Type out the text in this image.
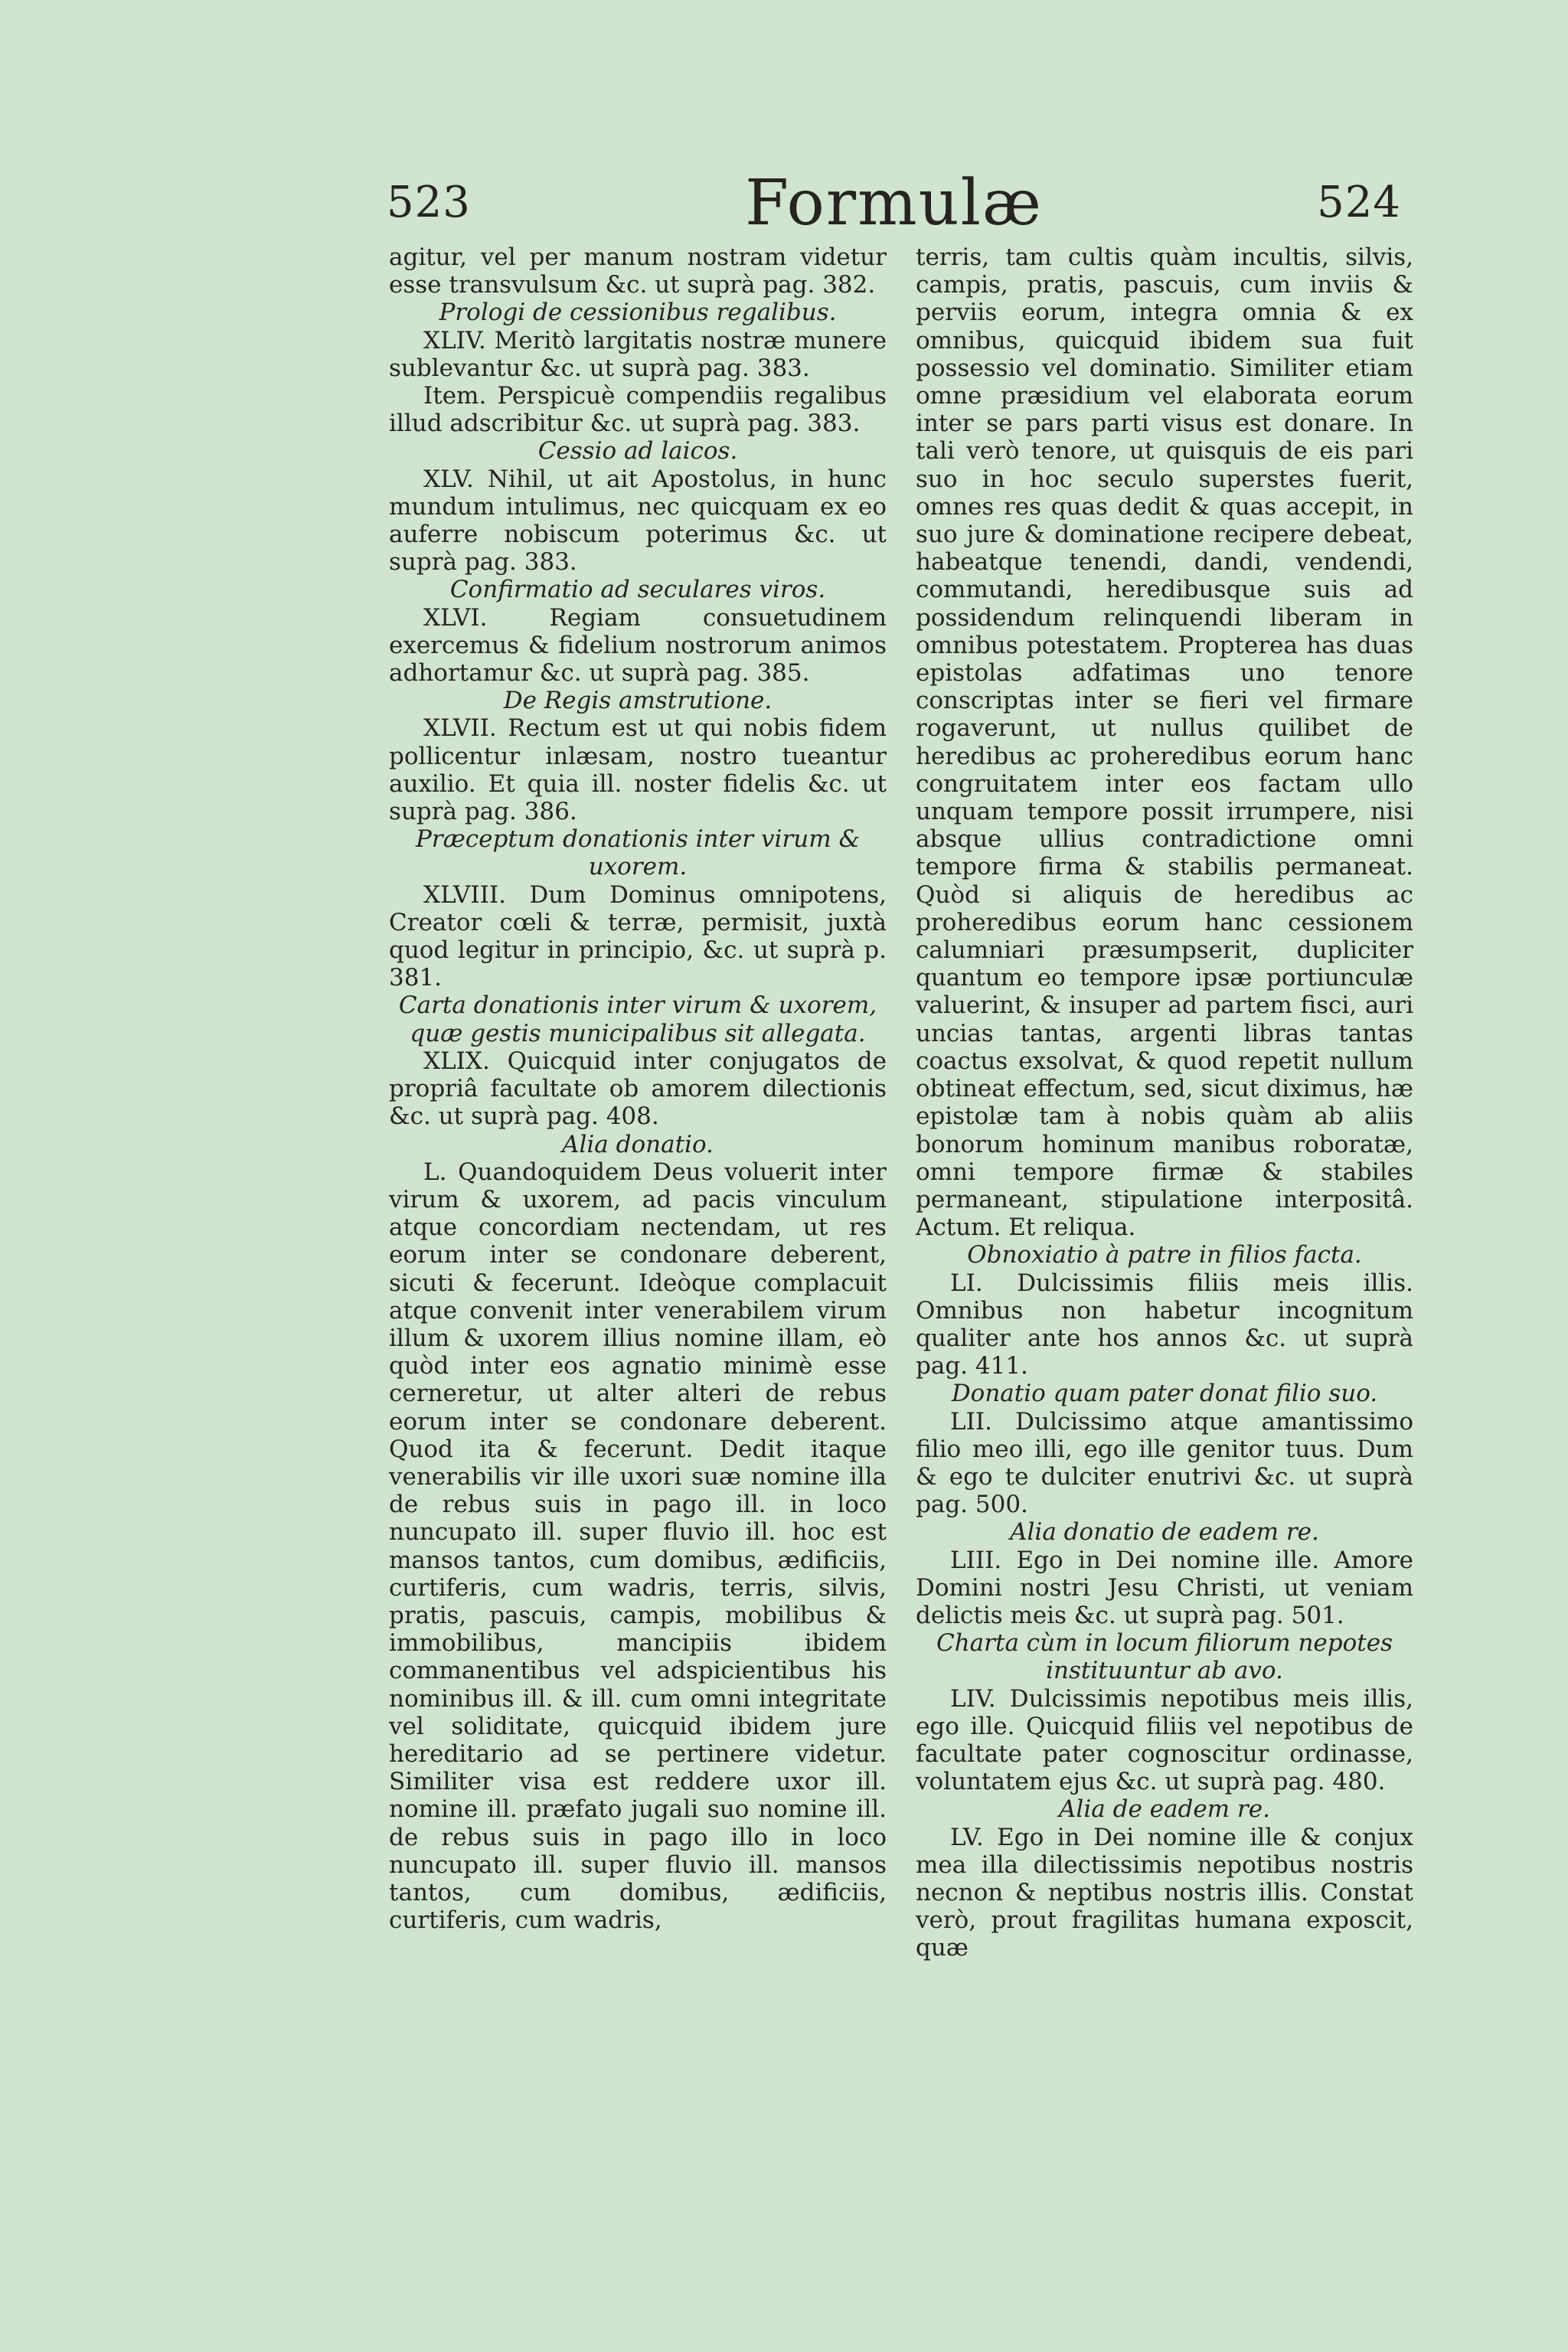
523	Formulæ	524

agitur, vel per manum nostram videtur esse transvulsum &c. ut suprà pag. 382.

Prologi de cessionibus regalibus.

XLIV. Meritò largitatis nostræ munere sublevantur &c. ut suprà pag. 383.

Item. Perspicuè compendiis regalibus illud adscribitur &c. ut suprà pag. 383.

Cessio ad laicos.

XLV. Nihil, ut ait Apostolus, in hunc mundum intulimus, nec quicquam ex eo auferre nobiscum poterimus &c. ut suprà pag. 383.

Confirmatio ad seculares viros.

XLVI. Regiam consuetudinem exercemus & fidelium nostrorum animos adhortamur &c. ut suprà pag. 385.

De Regis amstrutione.

XLVII. Rectum est ut qui nobis fidem pollicentur inlæsam, nostro tueantur auxilio. Et quia ill. noster fidelis &c. ut suprà pag. 386.

Præceptum donationis inter virum & uxorem.

XLVIII. Dum Dominus omnipotens, Creator cœli & terræ, permisit, juxtà quod legitur in principio, &c. ut suprà p. 381.

Carta donationis inter virum & uxorem, quæ gestis municipalibus sit allegata.

XLIX. Quicquid inter conjugatos de propriâ facultate ob amorem dilectionis &c. ut suprà pag. 408.

Alia donatio.

L. Quandoquidem Deus voluerit inter virum & uxorem, ad pacis vinculum atque concordiam nectendam, ut res eorum inter se condonare deberent, sicuti & fecerunt. Ideòque complacuit atque convenit inter venerabilem virum illum & uxorem illius nomine illam, eò quòd inter eos agnatio minimè esse cerneretur, ut alter alteri de rebus eorum inter se condonare deberent. Quod ita & fecerunt. Dedit itaque venerabilis vir ille uxori suæ nomine illa de rebus suis in pago ill. in loco nuncupato ill. super fluvio ill. hoc est mansos tantos, cum domibus, ædificiis, curtiferis, cum wadris, terris, silvis, pratis, pascuis, campis, mobilibus & immobilibus, mancipiis ibidem commanentibus vel adspicientibus his nominibus ill. & ill. cum omni integritate vel soliditate, quicquid ibidem jure hereditario ad se pertinere videtur. Similiter visa est reddere uxor ill. nomine ill. præfato jugali suo nomine ill. de rebus suis in pago illo in loco nuncupato ill. super fluvio ill. mansos tantos, cum domibus, ædificiis, curtiferis, cum wadris,

terris, tam cultis quàm incultis, silvis, campis, pratis, pascuis, cum inviis & perviis eorum, integra omnia & ex omnibus, quicquid ibidem sua fuit possessio vel dominatio. Similiter etiam omne præsidium vel elaborata eorum inter se pars parti visus est donare. In tali verò tenore, ut quisquis de eis pari suo in hoc seculo superstes fuerit, omnes res quas dedit & quas accepit, in suo jure & dominatione recipere debeat, habeatque tenendi, dandi, vendendi, commutandi, heredibusque suis ad possidendum relinquendi liberam in omnibus potestatem. Propterea has duas epistolas adfatimas uno tenore conscriptas inter se fieri vel firmare rogaverunt, ut nullus quilibet de heredibus ac proheredibus eorum hanc congruitatem inter eos factam ullo unquam tempore possit irrumpere, nisi absque ullius contradictione omni tempore firma & stabilis permaneat. Quòd si aliquis de heredibus ac proheredibus eorum hanc cessionem calumniari præsumpserit, dupliciter quantum eo tempore ipsæ portiunculæ valuerint, & insuper ad partem fisci, auri uncias tantas, argenti libras tantas coactus exsolvat, & quod repetit nullum obtineat effectum, sed, sicut diximus, hæ epistolæ tam à nobis quàm ab aliis bonorum hominum manibus roboratæ, omni tempore firmæ & stabiles permaneant, stipulatione interpositâ. Actum. Et reliqua.

Obnoxiatio à patre in filios facta.

LI. Dulcissimis filiis meis illis. Omnibus non habetur incognitum qualiter ante hos annos &c. ut suprà pag. 411.

Donatio quam pater donat filio suo.

LII. Dulcissimo atque amantissimo filio meo illi, ego ille genitor tuus. Dum & ego te dulciter enutrivi &c. ut suprà pag. 500.

Alia donatio de eadem re.

LIII. Ego in Dei nomine ille. Amore Domini nostri Jesu Christi, ut veniam delictis meis &c. ut suprà pag. 501.

Charta cùm in locum filiorum nepotes instituuntur ab avo.

LIV. Dulcissimis nepotibus meis illis, ego ille. Quicquid filiis vel nepotibus de facultate pater cognoscitur ordinasse, voluntatem ejus &c. ut suprà pag. 480.

Alia de eadem re.

LV. Ego in Dei nomine ille & conjux mea illa dilectissimis nepotibus nostris necnon & neptibus nostris illis. Constat verò, prout fragilitas humana exposcit, quæ
